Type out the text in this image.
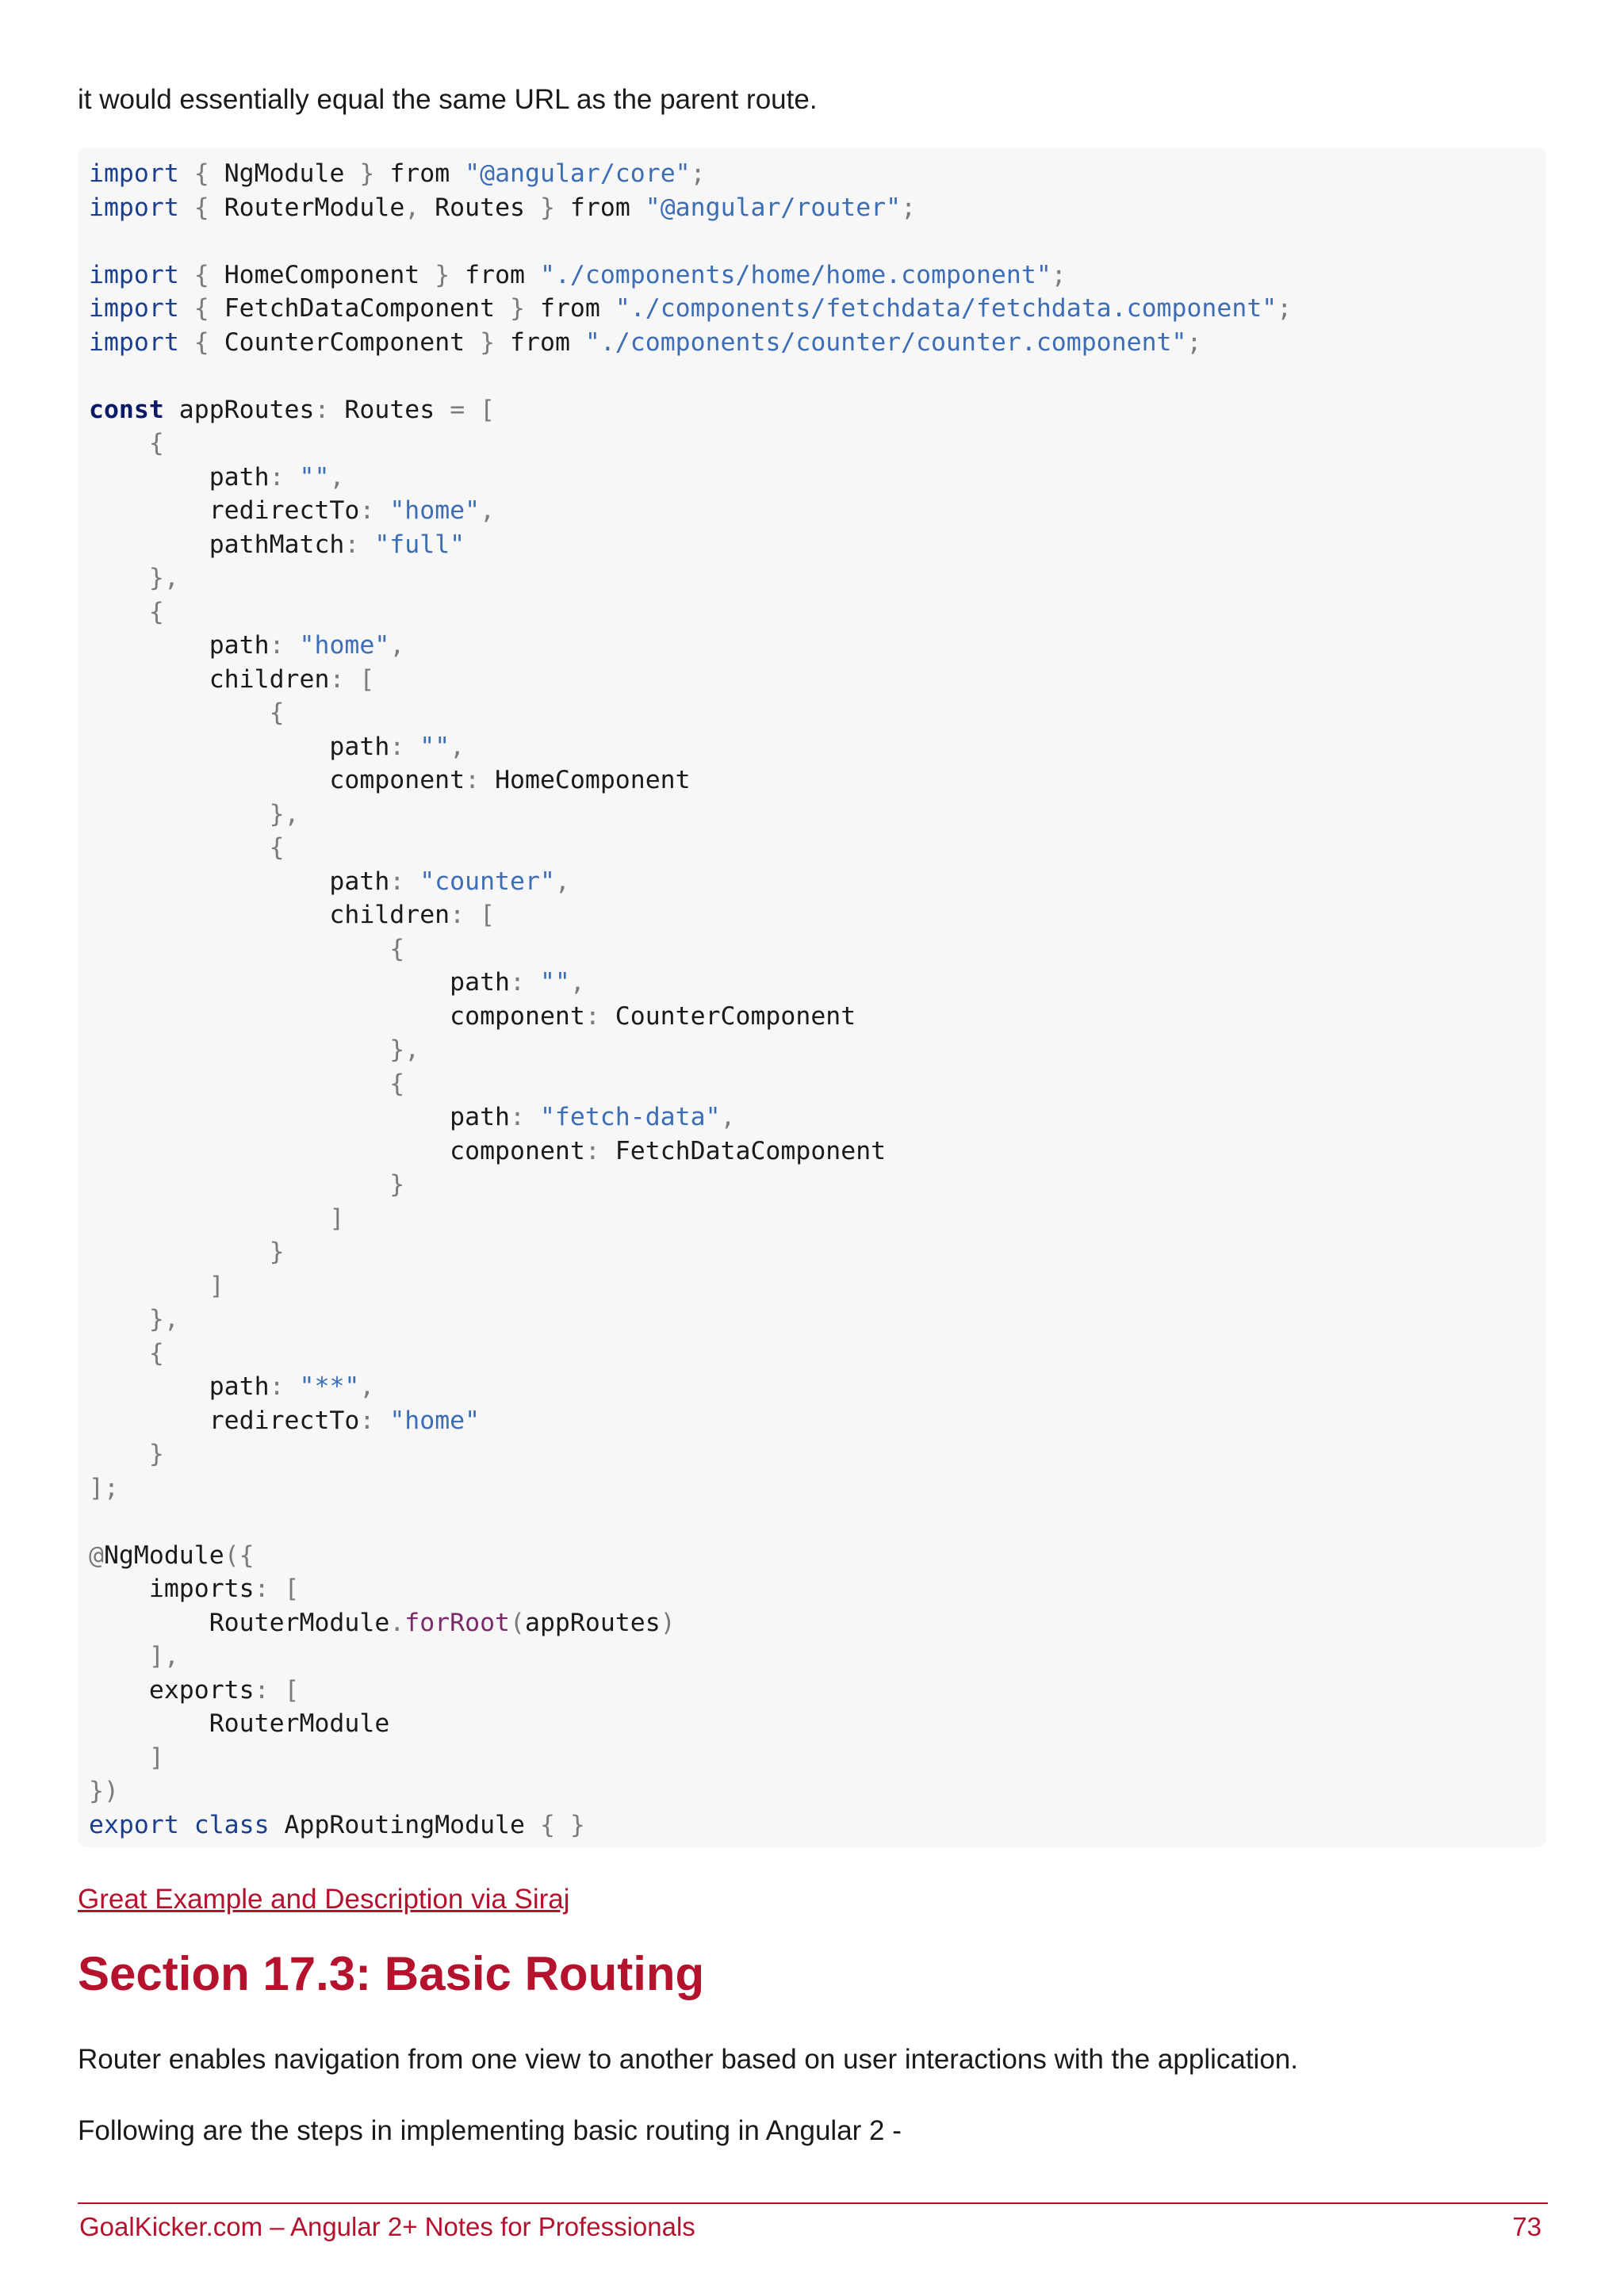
it would essentially equal the same URL as the parent route.

import { NgModule } from "@angular/core";
import { RouterModule, Routes } from "@angular/router";
import { HomeComponent } from "./components/home/home.component";
import { FetchDataComponent } from "./components/fetchdata/fetchdata.component";
import { CounterComponent } from "./components/counter/counter.component";
const appRoutes: Routes = [
{
path: "",
redirectTo: "home",
pathMatch: "full"
},
{
path: "home",
children: [
{
path: "",
component: HomeComponent
},
{
path: "counter",
children: [
{
path: "",
component: CounterComponent
},
{
path: "fetch-data",
component: FetchDataComponent
}
]
}
]
},
{
path: "**",
redirectTo: "home"
}
];
@NgModule({
imports: [
RouterModule.forRoot(appRoutes)
],
exports: [
RouterModule
]
})
export class AppRoutingModule { }
Great Example and Description via Siraj
Section 17.3: Basic Routing

Router enables navigation from one view to another based on user interactions with the application.

Following are the steps in implementing basic routing in Angular 2 -

GoalKicker.com – Angular 2+ Notes for Professionals	73
